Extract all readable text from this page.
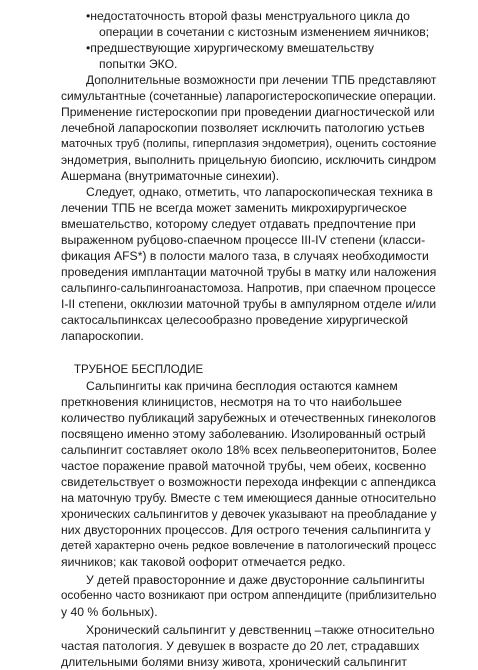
•недостаточность второй фазы менструального цикла до
операции в сочетании с кистозным изменением яичников;
•предшествующие хирургическому вмешательству
попытки ЭКО.
Дополнительные возможности при лечении ТПБ представляют
симультантные (сочетанные) лапарогистероскопические операции.
Применение гистероскопии при проведении диагностической или
лечебной лапароскопии позволяет исключить патологию устьев
маточных труб (полипы, гиперплазия эндометрия), оценить состояние
эндометрия, выполнить прицельную биопсию, исключить синдром
Ашермана (внутриматочные синехии).
Следует, однако, отметить, что лапароскопическая техника в
лечении ТПБ не всегда может заменить микрохирургическое
вмешательство, которому следует отдавать предпочтение при
выраженном рубцово-спаечном процессе III-IV степени (класси-
фикация AFS*) в полости малого таза, в случаях необходимости
проведения имплантации маточной трубы в матку или наложения
сальпинго-сальпингоанастомоза. Напротив, при спаечном процессе
I-II степени, окклюзии маточной трубы в ампулярном отделе и/или
сактосальпинксах целесообразно проведение хирургической
лапароскопии.
ТРУБНОЕ БЕСПЛОДИЕ
Сальпингиты как причина бесплодия остаются камнем
преткновения клиницистов, несмотря на то что наибольшее
количество публикаций зарубежных и отечественных гинекологов
посвящено именно этому заболеванию. Изолированный острый
сальпингит составляет около 18% всех пельвеоперитонитов, Более
частое поражение правой маточной трубы, чем обеих, косвенно
свидетельствует о возможности перехода инфекции с аппендикса
на маточную трубу. Вместе с тем имеющиеся данные относительно
хронических сальпингитов у девочек указывают на преобладание у
них двусторонних процессов. Для острого течения сальпингита у
детей характерно очень редкое вовлечение в патологический процесс
яичников; как таковой оофорит отмечается редко.
У детей правосторонние и даже двусторонние сальпингиты
особенно часто возникают при остром аппендиците (приблизительно
у 40 % больных).
Хронический сальпингит у девственниц –также относительно
частая патология. У девушек в возрасте до 20 лет, страдавших
длительными болями внизу живота, хронический сальпингит
